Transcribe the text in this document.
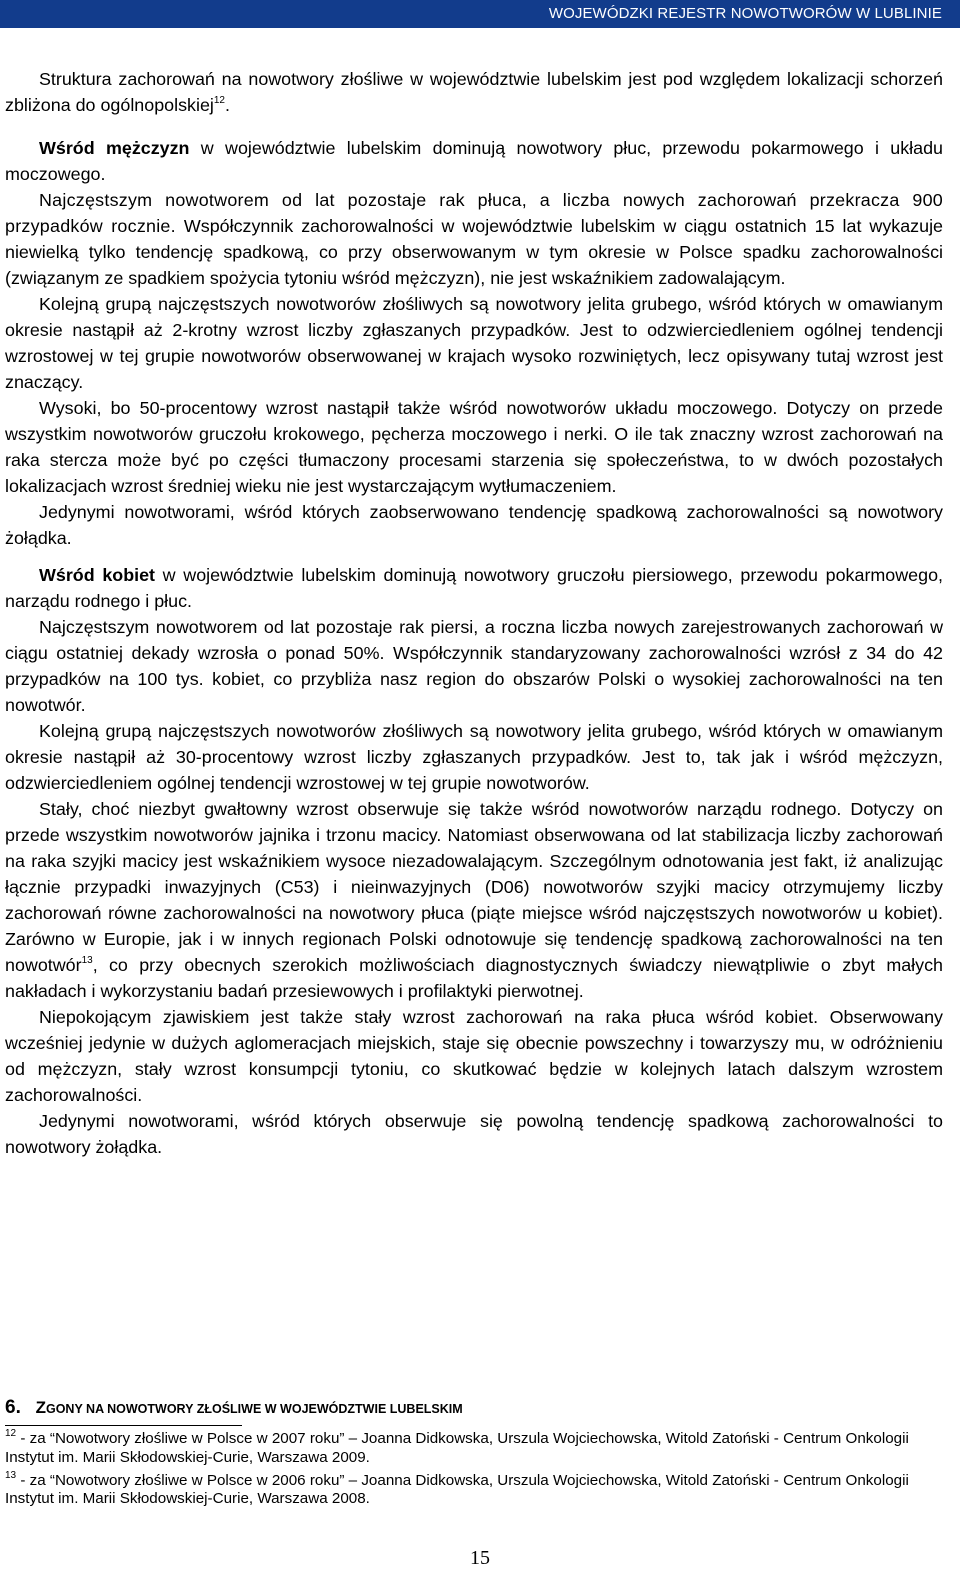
WOJEWÓDZKI REJESTR NOWOTWORÓW W LUBLINIE

Struktura zachorowań na nowotwory złośliwe w województwie lubelskim jest pod względem lokalizacji schorzeń zbliżona do ogólnopolskiej$^{12}$.

Wśród mężczyzn w województwie lubelskim dominują nowotwory płuc, przewodu pokarmowego i układu moczowego.

Najczęstszym nowotworem od lat pozostaje rak płuca, a liczba nowych zachorowań przekracza 900 przypadków rocznie. Współczynnik zachorowalności w województwie lubelskim w ciągu ostatnich 15 lat wykazuje niewielką tylko tendencję spadkową, co przy obserwowanym w tym okresie w Polsce spadku zachorowalności (związanym ze spadkiem spożycia tytoniu wśród mężczyzn), nie jest wskaźnikiem zadowalającym.

Kolejną grupą najczęstszych nowotworów złośliwych są nowotwory jelita grubego, wśród których w omawianym okresie nastąpił aż 2-krotny wzrost liczby zgłaszanych przypadków. Jest to odzwierciedleniem ogólnej tendencji wzrostowej w tej grupie nowotworów obserwowanej w krajach wysoko rozwiniętych, lecz opisywany tutaj wzrost jest znaczący.

Wysoki, bo 50-procentowy wzrost nastąpił także wśród nowotworów układu moczowego. Dotyczy on przede wszystkim nowotworów gruczołu krokowego, pęcherza moczowego i nerki. O ile tak znaczny wzrost zachorowań na raka stercza może być po części tłumaczony procesami starzenia się społeczeństwa, to w dwóch pozostałych lokalizacjach wzrost średniej wieku nie jest wystarczającym wytłumaczeniem.

Jedynymi nowotworami, wśród których zaobserwowano tendencję spadkową zachorowalności są nowotwory żołądka.

Wśród kobiet w województwie lubelskim dominują nowotwory gruczołu piersiowego, przewodu pokarmowego, narządu rodnego i płuc.

Najczęstszym nowotworem od lat pozostaje rak piersi, a roczna liczba nowych zarejestrowanych zachorowań w ciągu ostatniej dekady wzrosła o ponad 50%. Współczynnik standaryzowany zachorowalności wzrósł z 34 do 42 przypadków na 100 tys. kobiet, co przybliża nasz region do obszarów Polski o wysokiej zachorowalności na ten nowotwór.

Kolejną grupą najczęstszych nowotworów złośliwych są nowotwory jelita grubego, wśród których w omawianym okresie nastąpił aż 30-procentowy wzrost liczby zgłaszanych przypadków. Jest to, tak jak i wśród mężczyzn, odzwierciedleniem ogólnej tendencji wzrostowej w tej grupie nowotworów.

Stały, choć niezbyt gwałtowny wzrost obserwuje się także wśród nowotworów narządu rodnego. Dotyczy on przede wszystkim nowotworów jajnika i trzonu macicy. Natomiast obserwowana od lat stabilizacja liczby zachorowań na raka szyjki macicy jest wskaźnikiem wysoce niezadowalającym. Szczególnym odnotowania jest fakt, iż analizując łącznie przypadki inwazyjnych (C53) i nieinwazyjnych (D06) nowotworów szyjki macicy otrzymujemy liczby zachorowań równe zachorowalności na nowotwory płuca (piąte miejsce wśród najczęstszych nowotworów u kobiet). Zarówno w Europie, jak i w innych regionach Polski odnotowuje się tendencję spadkową zachorowalności na ten nowotwór$^{13}$, co przy obecnych szerokich możliwościach diagnostycznych świadczy niewątpliwie o zbyt małych nakładach i wykorzystaniu badań przesiewowych i profilaktyki pierwotnej.

Niepokojącym zjawiskiem jest także stały wzrost zachorowań na raka płuca wśród kobiet. Obserwowany wcześniej jedynie w dużych aglomeracjach miejskich, staje się obecnie powszechny i towarzyszy mu, w odróżnieniu od mężczyzn, stały wzrost konsumpcji tytoniu, co skutkować będzie w kolejnych latach dalszym wzrostem zachorowalności.

Jedynymi nowotworami, wśród których obserwuje się powolną tendencję spadkową zachorowalności to nowotwory żołądka.

6. ZGONY NA NOWOTWORY ZŁOŚLIWE W WOJEWÓDZTWIE LUBELSKIM

$^{12}$ - za “Nowotwory złośliwe w Polsce w 2007 roku” – Joanna Didkowska, Urszula Wojciechowska, Witold Zatoński - Centrum Onkologii Instytut im. Marii Skłodowskiej-Curie, Warszawa 2009.

$^{13}$ - za “Nowotwory złośliwe w Polsce w 2006 roku” – Joanna Didkowska, Urszula Wojciechowska, Witold Zatoński - Centrum Onkologii Instytut im. Marii Skłodowskiej-Curie, Warszawa 2008.

15
